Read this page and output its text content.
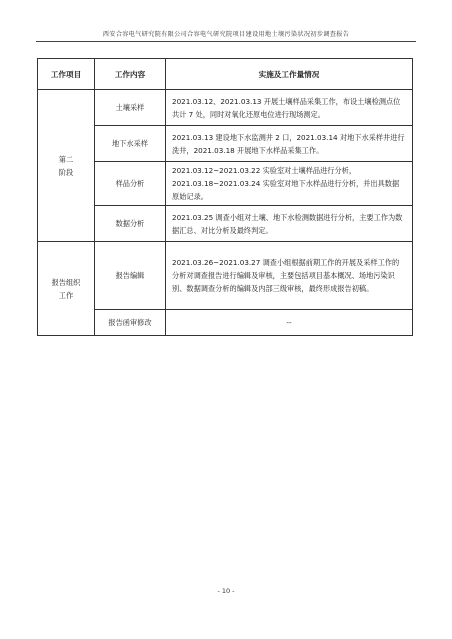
西安合容电气研究院有限公司合容电气研究院项目建设用地土壤污染状况初步调查报告
工作项目	工作内容	实施及工作量情况

第二
阶段	土壤采样	2021.03.12、2021.03.13 开展土壤样品采集工作，布设土壤检测点位共计 7 处，同时对氧化还原电位进行现场测定。
	地下水采样	2021.03.13 建设地下水监测井 2 口，2021.03.14 对地下水采样井进行洗井，2021.03.18 开展地下水样品采集工作。
	样品分析	2021.03.12~2021.03.22 实验室对土壤样品进行分析，2021.03.18~2021.03.24 实验室对地下水样品进行分析，并出具数据原始记录。
	数据分析	2021.03.25 调查小组对土壤、地下水检测数据进行分析，主要工作为数据汇总、对比分析及最终判定。

报告组织
工作	报告编辑	2021.03.26~2021.03.27 调查小组根据前期工作的开展及采样工作的分析对调查报告进行编辑及审核，主要包括项目基本概况、场地污染识别、数据调查分析的编辑及内部三级审核，最终形成报告初稿。
	报告函审修改	--
- 10 -
